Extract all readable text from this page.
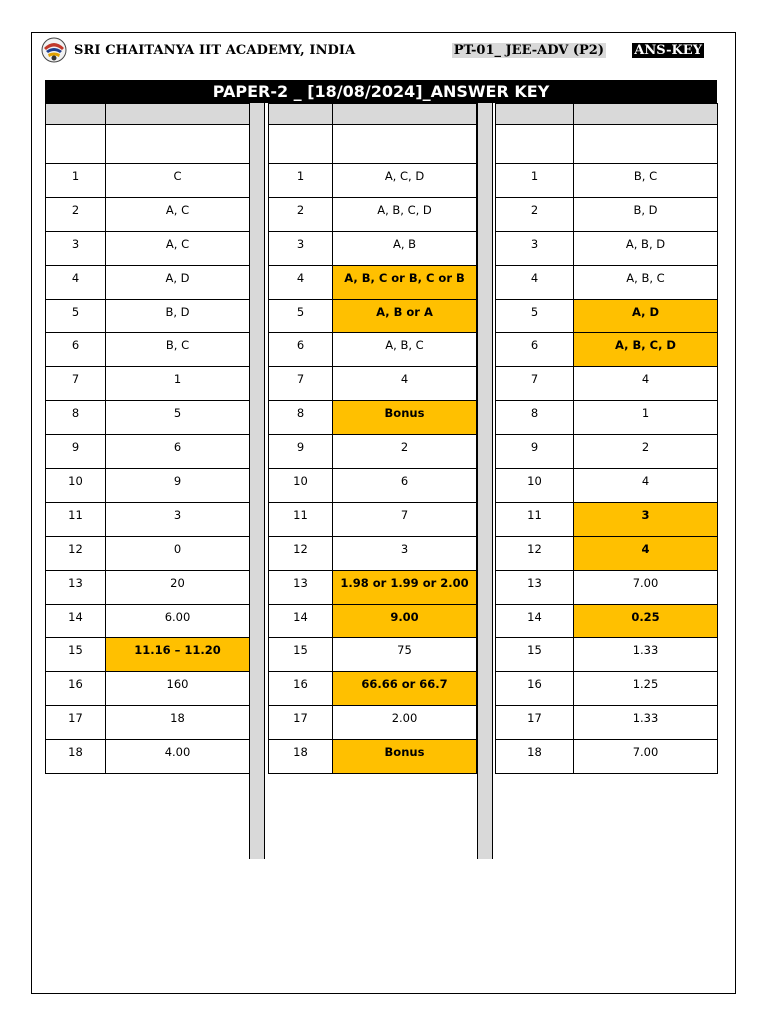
SRI CHAITANYA IIT ACADEMY, INDIA	PT-01_ JEE-ADV (P2) ANS-KEY
PAPER-2 _ [18/08/2024]_ANSWER KEY

1	C
2	A, C
3	A, C
4	A, D
5	B, D
6	B, C
7	1
8	5
9	6
10	9
11	3
12	0
13	20
14	6.00
15	11.16 – 11.20
16	160
17	18
18	4.00

1	A, C, D
2	A, B, C, D
3	A, B
4	A, B, C or B, C or B
5	A, B or A
6	A, B, C
7	4
8	Bonus
9	2
10	6
11	7
12	3
13	1.98 or 1.99 or 2.00
14	9.00
15	75
16	66.66 or 66.7
17	2.00
18	Bonus

1	B, C
2	B, D
3	A, B, D
4	A, B, C
5	A, D
6	A, B, C, D
7	4
8	1
9	2
10	4
11	3
12	4
13	7.00
14	0.25
15	1.33
16	1.25
17	1.33
18	7.00
